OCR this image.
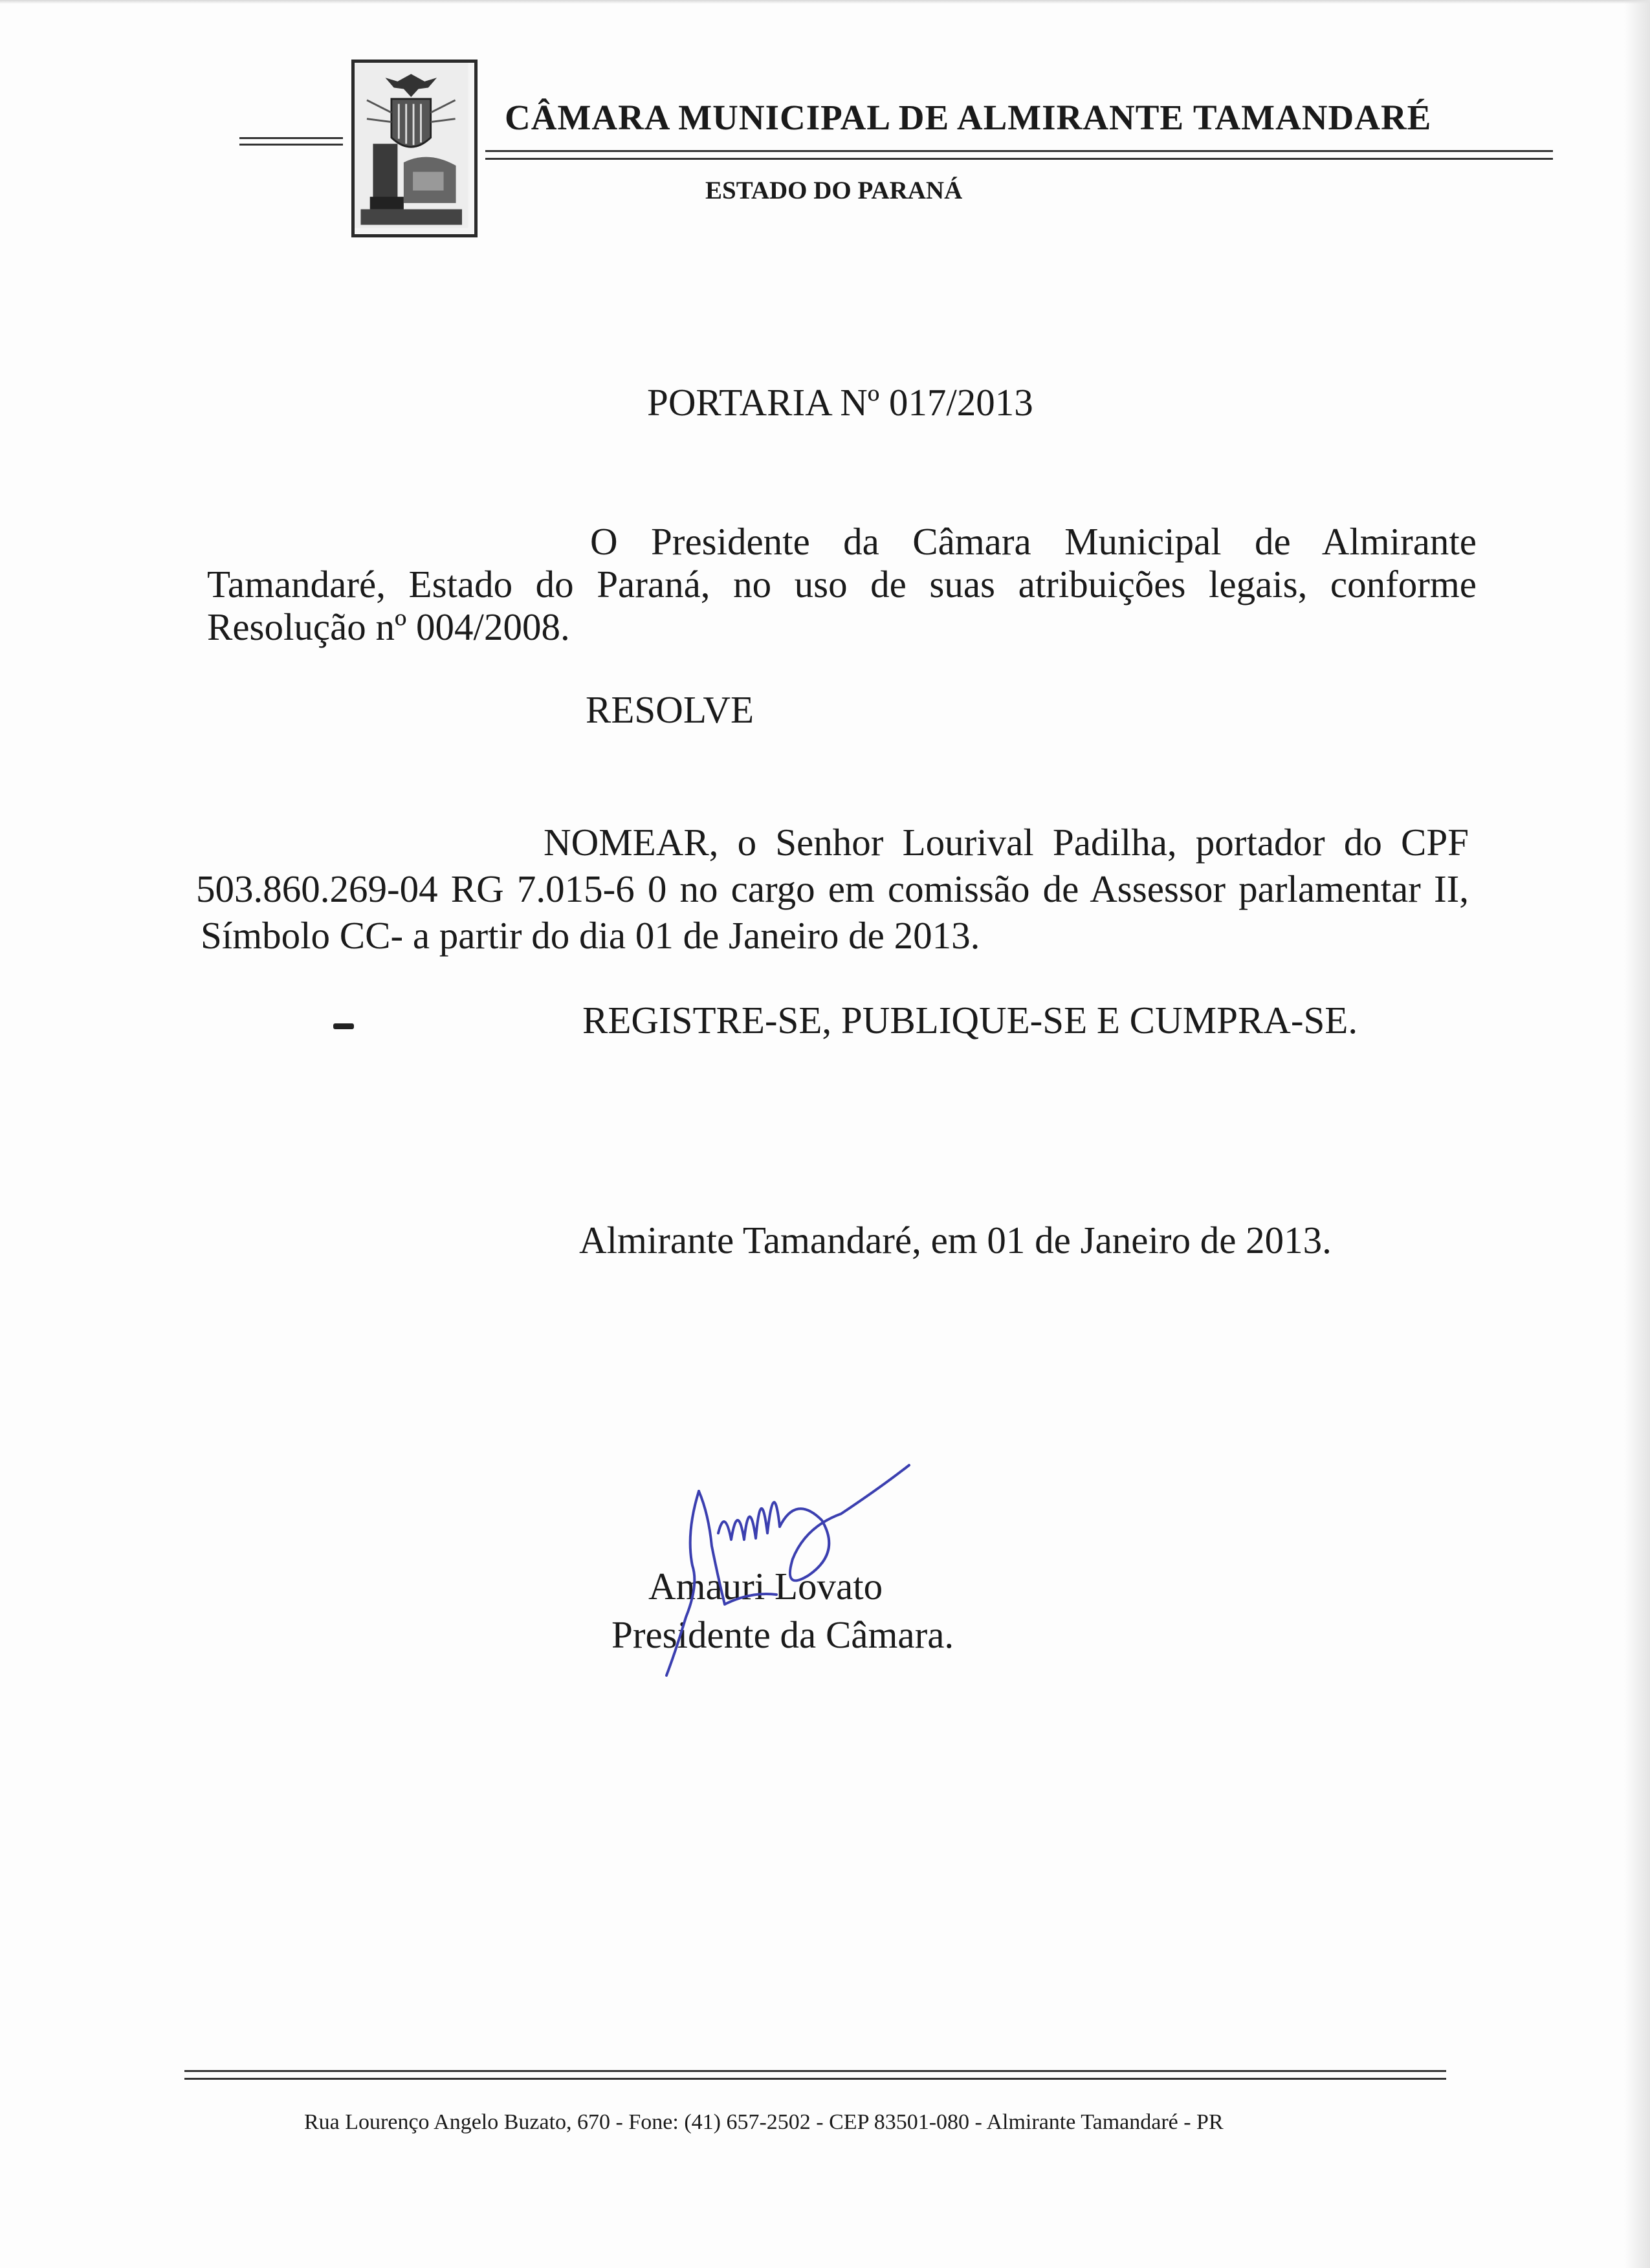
CÂMARA MUNICIPAL DE ALMIRANTE TAMANDARÉ
ESTADO DO PARANÁ
PORTARIA Nº 017/2013
O Presidente da Câmara Municipal de Almirante
Tamandaré, Estado do Paraná, no uso de suas atribuições legais, conforme
Resolução nº 004/2008.
RESOLVE
NOMEAR, o Senhor Lourival Padilha, portador do CPF
503.860.269-04 RG 7.015-6 0 no cargo em comissão de Assessor parlamentar II,
Símbolo CC- a partir do dia 01 de Janeiro de 2013.
REGISTRE-SE, PUBLIQUE-SE E CUMPRA-SE.
Almirante Tamandaré, em 01 de Janeiro de 2013.
Amauri Lovato
Presidente da Câmara.
Rua Lourenço Angelo Buzato, 670 - Fone: (41) 657-2502 - CEP 83501-080 - Almirante Tamandaré - PR
